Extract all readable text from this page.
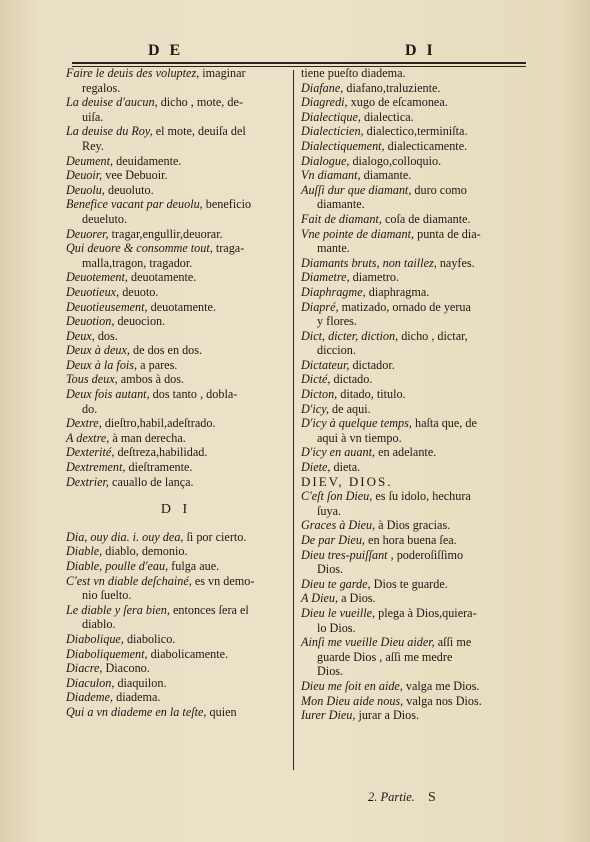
D E	D I
Faire le deuis des voluptez, imaginar
regalos.
La deuise d'aucun, dicho , mote, de-
uiſa.
La deuise du Roy, el mote, deuiſa del
Rey.
Deument, deuidamente.
Deuoir, vee Debuoir.
Deuolu, deuoluto.
Benefice vacant par deuolu, beneficio
deueluto.
Deuorer, tragar,engullir,deuorar.
Qui deuore & consomme tout, traga-
malla,tragon, tragador.
Deuotement, deuotamente.
Deuotieux, deuoto.
Deuotieusement, deuotamente.
Deuotion, deuocion.
Deux, dos.
Deux à deux, de dos en dos.
Deux à la fois, a pares.
Tous deux, ambos à dos.
Deux fois autant, dos tanto , dobla-
do.
Dextre, dieſtro,habil,adeſtrado.
A dextre, à man derecha.
Dexterité, deſtreza,habilidad.
Dextrement, dieſtramente.
Dextrier, cauallo de lança.
D I
Dia, ouy dia. i. ouy dea, ſi por cierto.
Diable, diablo, demonio.
Diable, poulle d'eau, fulga aue.
C'est vn diable deſchainé, es vn demo-
nio ſuelto.
Le diable y ſera bien, entonces ſera el
diablo.
Diabolique, diabolico.
Diaboliquement, diabolicamente.
Diacre, Diacono.
Diaculon, diaquilon.
Diademe, diadema.
Qui a vn diademe en la teſte, quien
tiene pueſto diadema.
Diafane, diafano,traluziente.
Diagredi, xugo de eſcamonea.
Dialectique, dialectica.
Dialecticien, dialectico,terminiſta.
Dialectiquement, dialecticamente.
Dialogue, dialogo,colloquio.
Vn diamant, diamante.
Auſſi dur que diamant, duro como
diamante.
Fait de diamant, coſa de diamante.
Vne pointe de diamant, punta de dia-
mante.
Diamants bruts, non taillez, nayfes.
Diametre, diametro.
Diaphragme, diaphragma.
Diapré, matizado, ornado de yerua
y flores.
Dict, dicter, diction, dicho , dictar,
diccion.
Dictateur, dictador.
Dicté, dictado.
Dicton, ditado, titulo.
D'icy, de aqui.
D'icy à quelque temps, haſta que, de
aqui à vn tiempo.
D'icy en auant, en adelante.
Diete, dieta.
DIEV, DIOS.
C'eſt ſon Dieu, es ſu idolo, hechura
ſuya.
Graces à Dieu, à Dios gracias.
De par Dieu, en hora buena ſea.
Dieu tres-puiſſant , poderoſiſſimo
Dios.
Dieu te garde, Dios te guarde.
A Dieu, a Dios.
Dieu le vueille, plega à Dios,quiera-
lo Dios.
Ainſi me vueille Dieu aider, aſſi me
guarde Dios , aſſi me medre
Dios.
Dieu me ſoit en aide, valga me Dios.
Mon Dieu aide nous, valga nos Dios.
Iurer Dieu, jurar a Dios.
2. Partie. S
